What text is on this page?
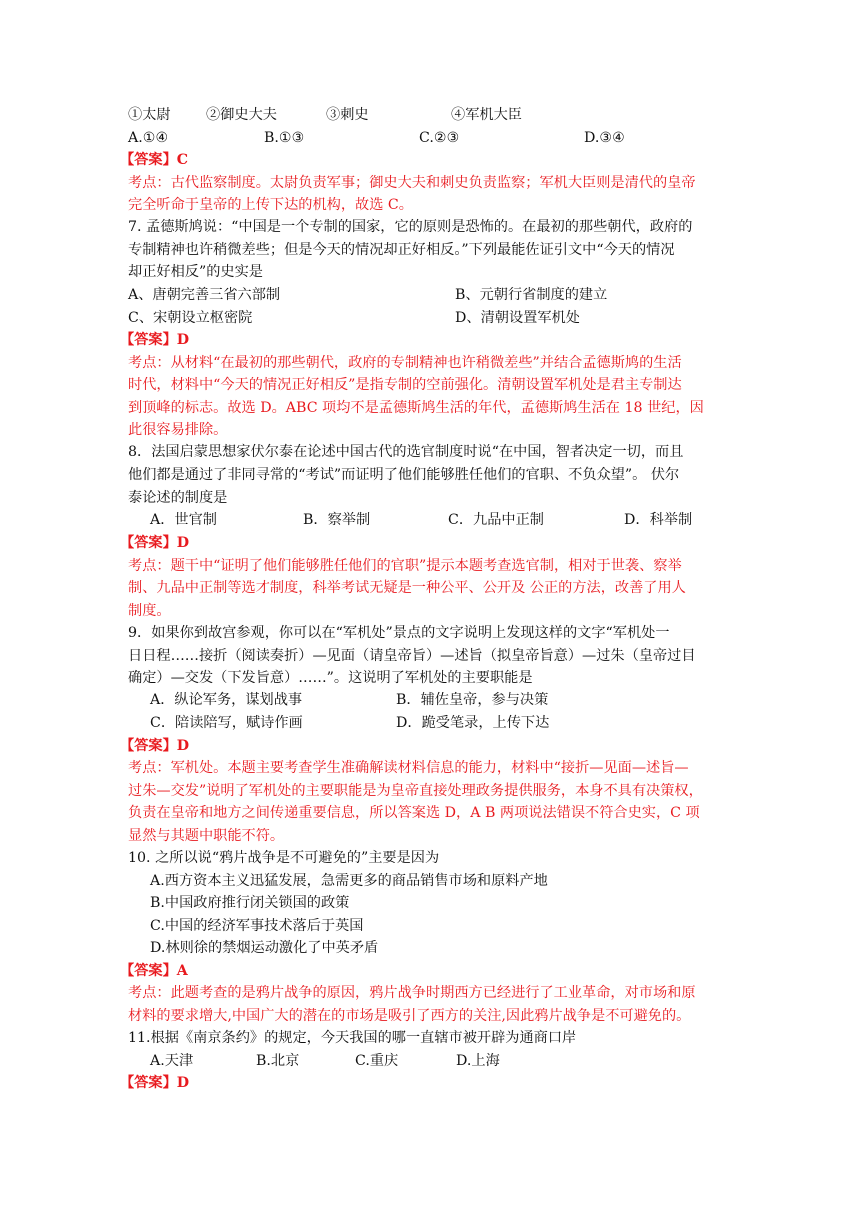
①太尉 ②御史大夫	③刺史	④军机大臣
A.①④	B.①③	C.②③	D.③④
【答案】C
考点：古代监察制度。太尉负责军事；御史大夫和刺史负责监察；军机大臣则是清代的皇帝
完全听命于皇帝的上传下达的机构，故选 C。
7. 孟德斯鸠说：“中国是一个专制的国家，它的原则是恐怖的。在最初的那些朝代，政府的
专制精神也许稍微差些；但是今天的情况却正好相反。”下列最能佐证引文中“今天的情况
却正好相反”的史实是
A、唐朝完善三省六部制	B、元朝行省制度的建立
C、宋朝设立枢密院	D、清朝设置军机处
【答案】D
考点：从材料“在最初的那些朝代，政府的专制精神也许稍微差些”并结合孟德斯鸠的生活
时代，材料中“今天的情况正好相反”是指专制的空前强化。清朝设置军机处是君主专制达
到顶峰的标志。故选 D。ABC 项均不是孟德斯鸠生活的年代，孟德斯鸠生活在 18 世纪，因
此很容易排除。
8．法国启蒙思想家伏尔泰在论述中国古代的选官制度时说“在中国，智者决定一切，而且
他们都是通过了非同寻常的“考试”而证明了他们能够胜任他们的官职、不负众望”。 伏尔
泰论述的制度是
A．世官制	B．察举制	C．九品中正制	D．科举制
【答案】D
考点：题干中“证明了他们能够胜任他们的官职”提示本题考查选官制，相对于世袭、察举
制、九品中正制等选才制度，科举考试无疑是一种公平、公开及 公正的方法，改善了用人
制度。
9．如果你到故宫参观，你可以在“军机处”景点的文字说明上发现这样的文字“军机处一
日日程……接折（阅读奏折）—见面（请皇帝旨）—述旨（拟皇帝旨意）—过朱（皇帝过目
确定）—交发（下发旨意）……”。这说明了军机处的主要职能是
A．纵论军务，谋划战事	B．辅佐皇帝，参与决策
C．陪读陪写，赋诗作画	D．跪受笔录，上传下达
【答案】D
考点：军机处。本题主要考查学生准确解读材料信息的能力，材料中“接折—见面—述旨—
过朱—交发”说明了军机处的主要职能是为皇帝直接处理政务提供服务，本身不具有决策权，
负责在皇帝和地方之间传递重要信息，所以答案选 D，A B 两项说法错误不符合史实，C 项
显然与其题中职能不符。
10. 之所以说“鸦片战争是不可避免的”主要是因为
A.西方资本主义迅猛发展，急需更多的商品销售市场和原料产地
B.中国政府推行闭关锁国的政策
C.中国的经济军事技术落后于英国
D.林则徐的禁烟运动激化了中英矛盾
【答案】A
考点：此题考查的是鸦片战争的原因，鸦片战争时期西方已经进行了工业革命，对市场和原
材料的要求增大,中国广大的潜在的市场是吸引了西方的关注,因此鸦片战争是不可避免的。
11.根据《南京条约》的规定，今天我国的哪一直辖市被开辟为通商口岸
A.天津	B.北京	C.重庆	D.上海
【答案】D
